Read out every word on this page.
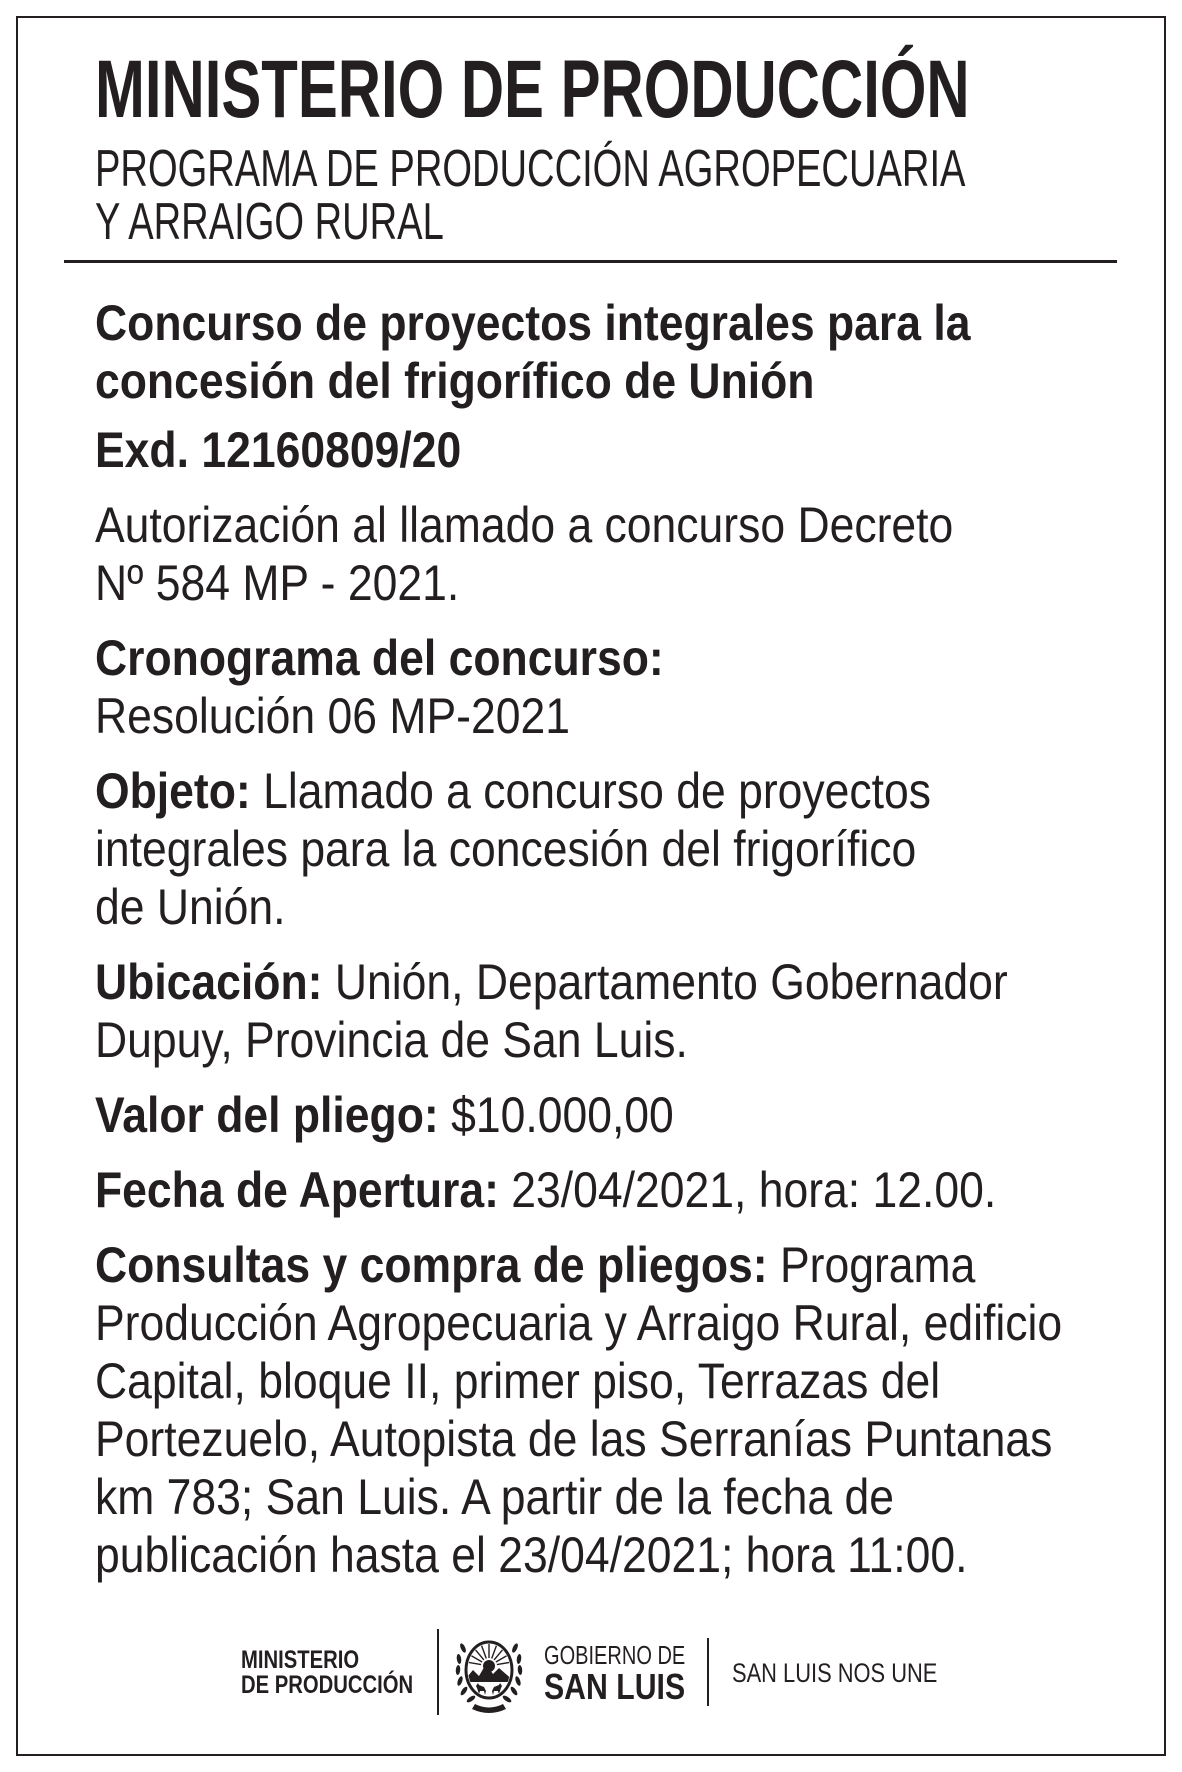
MINISTERIO DE PRODUCCIÓN
PROGRAMA DE PRODUCCIÓN AGROPECUARIA
Y ARRAIGO RURAL
Concurso de proyectos integrales para la
concesión del frigorífico de Unión
Exd. 12160809/20
Autorización al llamado a concurso Decreto
Nº 584 MP - 2021.
Cronograma del concurso:
Resolución 06 MP-2021
Objeto: Llamado a concurso de proyectos
integrales para la concesión del frigorífico
de Unión.
Ubicación: Unión, Departamento Gobernador
Dupuy, Provincia de San Luis.
Valor del pliego: $10.000,00
Fecha de Apertura: 23/04/2021, hora: 12.00.
Consultas y compra de pliegos: Programa
Producción Agropecuaria y Arraigo Rural, edificio
Capital, bloque II, primer piso, Terrazas del
Portezuelo, Autopista de las Serranías Puntanas
km 783; San Luis. A partir de la fecha de
publicación hasta el 23/04/2021; hora 11:00.
MINISTERIO
DE PRODUCCIÓN
GOBIERNO DE
SAN LUIS SAN LUIS NOS UNE
